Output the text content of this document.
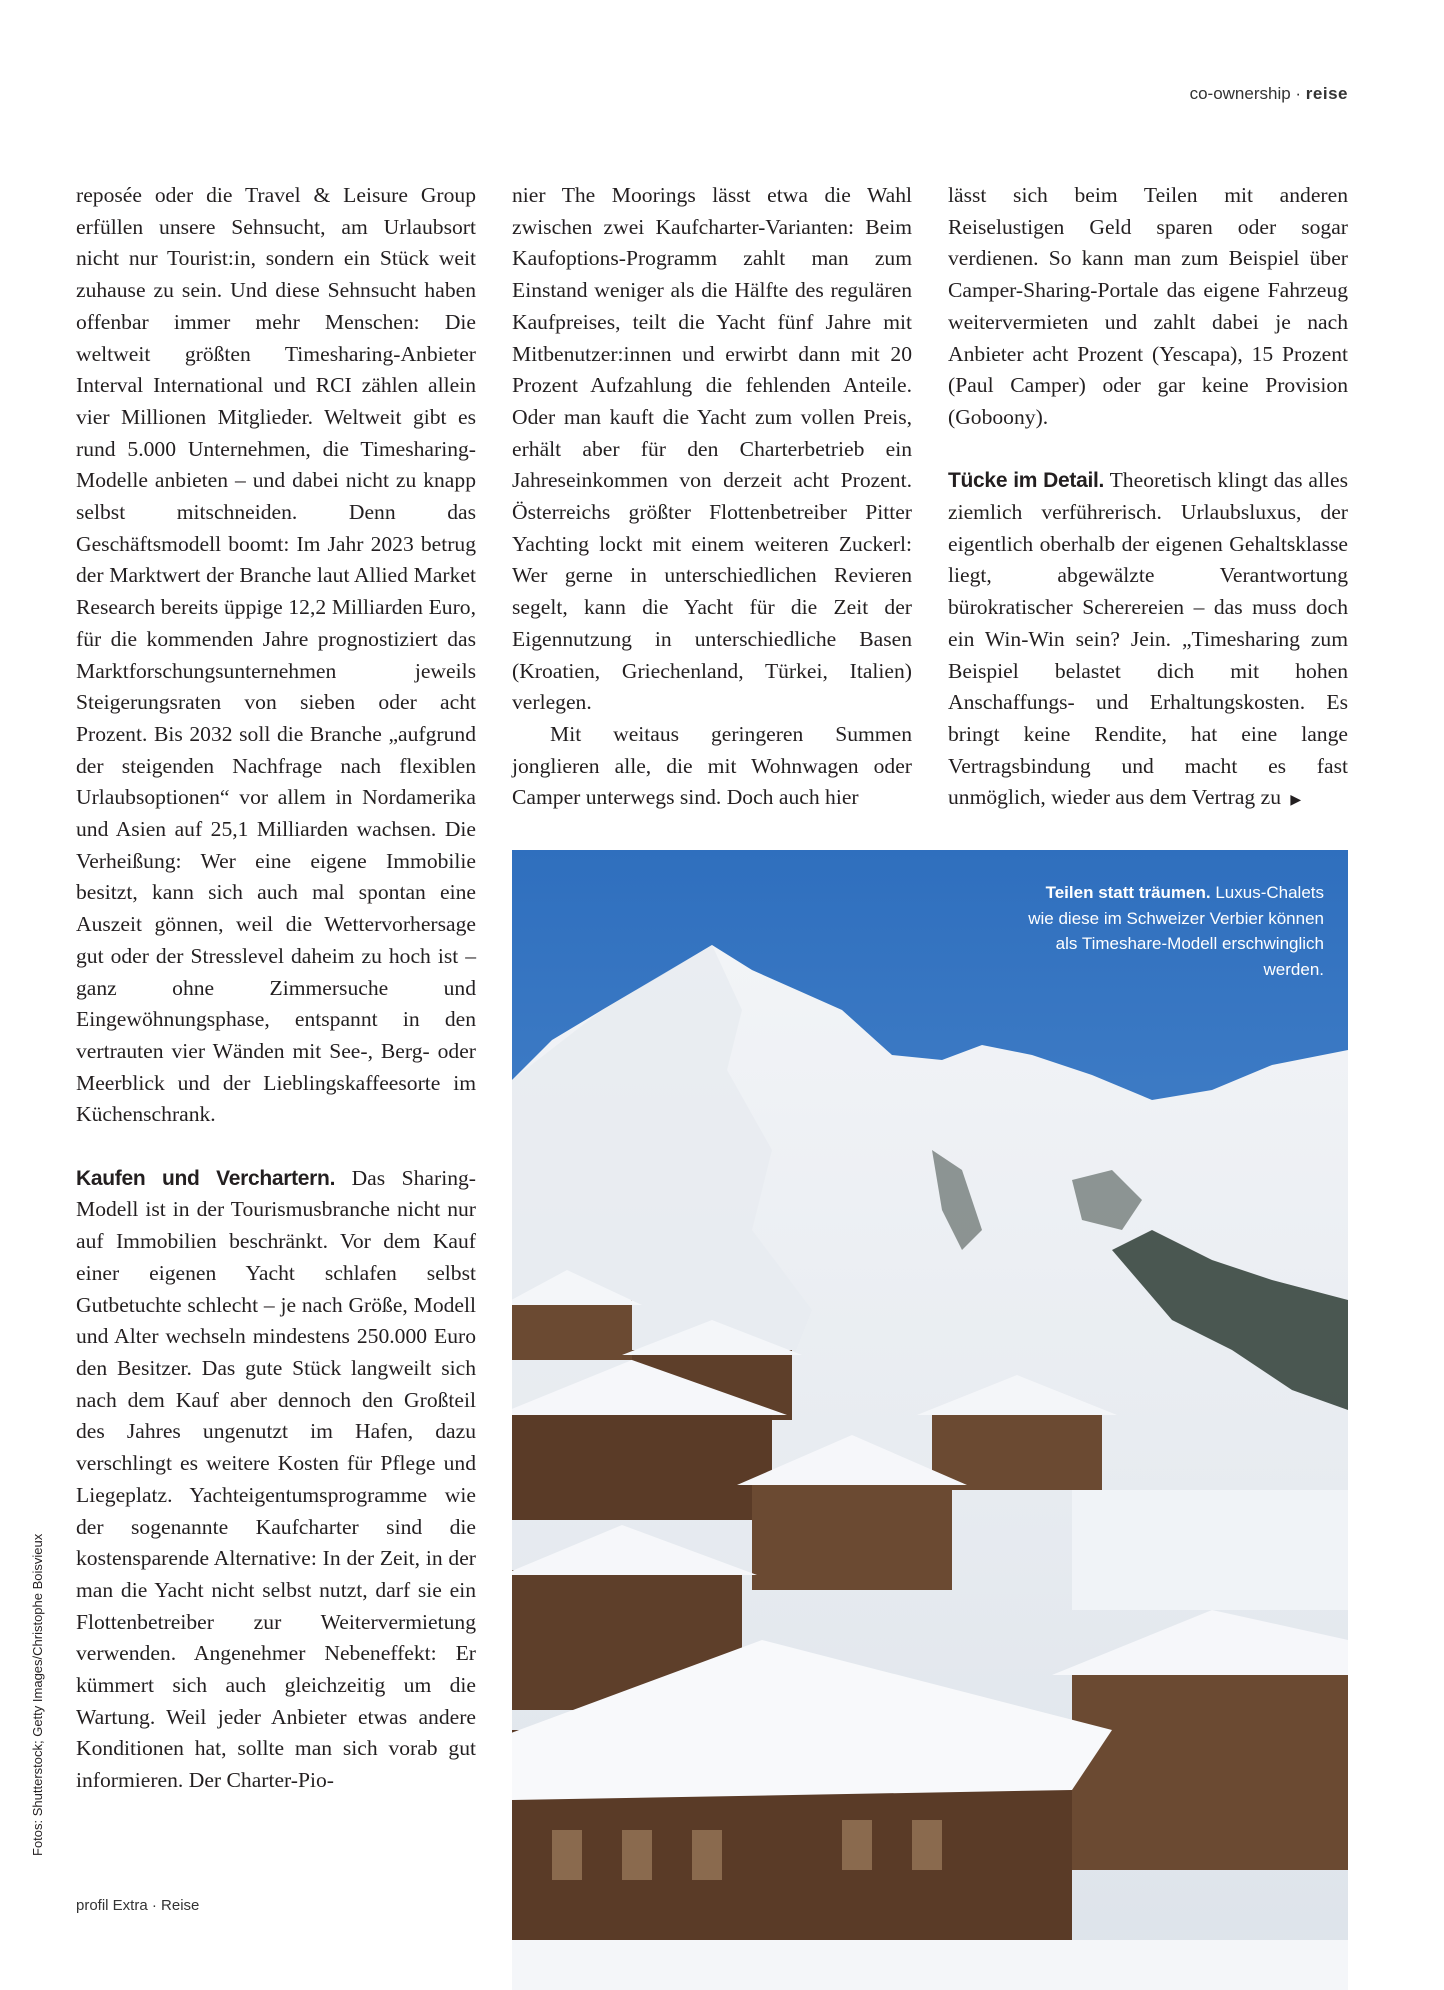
co-ownership · reise

reposée oder die Travel & Leisure Group erfüllen unsere Sehnsucht, am Urlaubsort nicht nur Tourist:in, sondern ein Stück weit zuhause zu sein. Und diese Sehnsucht haben offenbar immer mehr Menschen: Die weltweit größten Timesharing-Anbieter Interval International und RCI zählen allein vier Millionen Mitglieder. Weltweit gibt es rund 5.000 Unternehmen, die Timesharing-Modelle anbieten – und dabei nicht zu knapp selbst mitschneiden. Denn das Geschäftsmodell boomt: Im Jahr 2023 betrug der Marktwert der Branche laut Allied Market Research bereits üppige 12,2 Milliarden Euro, für die kommenden Jahre prognostiziert das Marktforschungsunternehmen jeweils Steigerungsraten von sieben oder acht Prozent. Bis 2032 soll die Branche „aufgrund der steigenden Nachfrage nach flexiblen Urlaubsoptionen“ vor allem in Nordamerika und Asien auf 25,1 Milliarden wachsen. Die Verheißung: Wer eine eigene Immobilie besitzt, kann sich auch mal spontan eine Auszeit gönnen, weil die Wettervorhersage gut oder der Stresslevel daheim zu hoch ist – ganz ohne Zimmersuche und Eingewöhnungsphase, entspannt in den vertrauten vier Wänden mit See-, Berg- oder Meerblick und der Lieblingskaffeesorte im Küchenschrank.

Kaufen und Verchartern. Das Sharing-Modell ist in der Tourismusbranche nicht nur auf Immobilien beschränkt. Vor dem Kauf einer eigenen Yacht schlafen selbst Gutbetuchte schlecht – je nach Größe, Modell und Alter wechseln mindestens 250.000 Euro den Besitzer. Das gute Stück langweilt sich nach dem Kauf aber dennoch den Großteil des Jahres ungenutzt im Hafen, dazu verschlingt es weitere Kosten für Pflege und Liegeplatz. Yachteigentumsprogramme wie der sogenannte Kaufcharter sind die kostensparende Alternative: In der Zeit, in der man die Yacht nicht selbst nutzt, darf sie ein Flottenbetreiber zur Weitervermietung verwenden. Angenehmer Nebeneffekt: Er kümmert sich auch gleichzeitig um die Wartung. Weil jeder Anbieter etwas andere Konditionen hat, sollte man sich vorab gut informieren. Der Charter-Pio-

nier The Moorings lässt etwa die Wahl zwischen zwei Kaufcharter-Varianten: Beim Kaufoptions-Programm zahlt man zum Einstand weniger als die Hälfte des regulären Kaufpreises, teilt die Yacht fünf Jahre mit Mitbenutzer:innen und erwirbt dann mit 20 Prozent Aufzahlung die fehlenden Anteile. Oder man kauft die Yacht zum vollen Preis, erhält aber für den Charterbetrieb ein Jahreseinkommen von derzeit acht Prozent. Österreichs größter Flottenbetreiber Pitter Yachting lockt mit einem weiteren Zuckerl: Wer gerne in unterschiedlichen Revieren segelt, kann die Yacht für die Zeit der Eigennutzung in unterschiedliche Basen (Kroatien, Griechenland, Türkei, Italien) verlegen.

Mit weitaus geringeren Summen jonglieren alle, die mit Wohnwagen oder Camper unterwegs sind. Doch auch hier

lässt sich beim Teilen mit anderen Reiselustigen Geld sparen oder sogar verdienen. So kann man zum Beispiel über Camper-Sharing-Portale das eigene Fahrzeug weitervermieten und zahlt dabei je nach Anbieter acht Prozent (Yescapa), 15 Prozent (Paul Camper) oder gar keine Provision (Goboony).

Tücke im Detail. Theoretisch klingt das alles ziemlich verführerisch. Urlaubsluxus, der eigentlich oberhalb der eigenen Gehaltsklasse liegt, abgewälzte Verantwortung bürokratischer Scherereien – das muss doch ein Win-Win sein? Jein. „Timesharing zum Beispiel belastet dich mit hohen Anschaffungs- und Erhaltungskosten. Es bringt keine Rendite, hat eine lange Vertragsbindung und macht es fast unmöglich, wieder aus dem Vertrag zu ▶

Teilen statt träumen. Luxus-Chalets wie diese im Schweizer Verbier können als Timeshare-Modell erschwinglich werden.
Fotos: Shutterstock; Getty Images/Christophe Boisvieux
profil Extra · Reise
